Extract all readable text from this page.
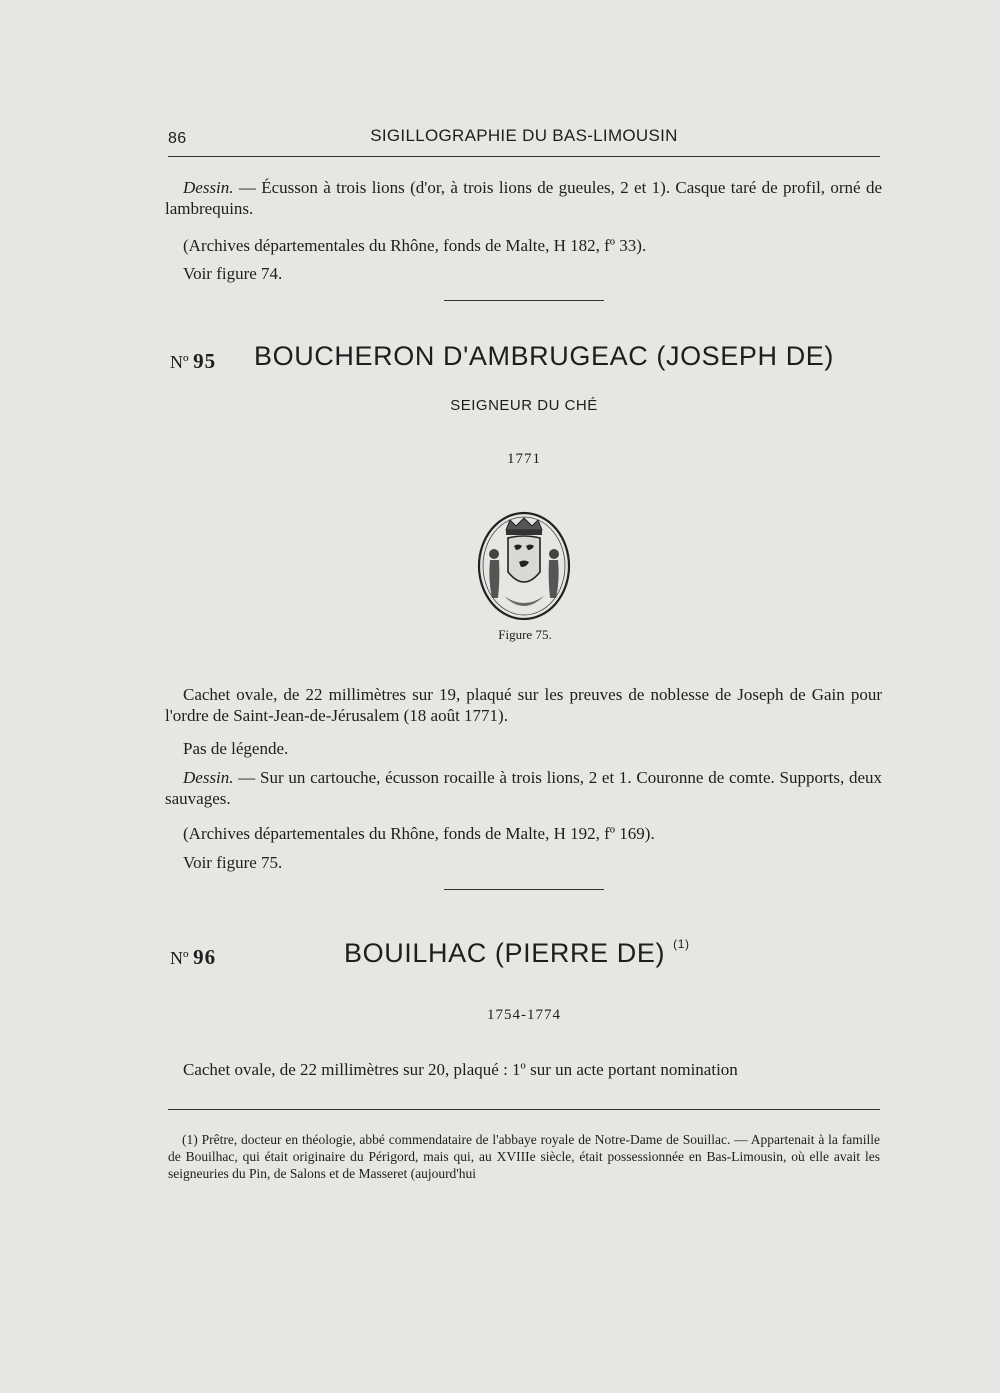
86	SIGILLOGRAPHIE DU BAS-LIMOUSIN

Dessin. — Écusson à trois lions (d'or, à trois lions de gueules, 2 et 1). Casque taré de profil, orné de lambrequins.

(Archives départementales du Rhône, fonds de Malte, H 182, fº 33).

Voir figure 74.

Nº 95 BOUCHERON D'AMBRUGEAC (JOSEPH DE)
SEIGNEUR DU CHÉ
1771
Figure 75.

Cachet ovale, de 22 millimètres sur 19, plaqué sur les preuves de noblesse de Joseph de Gain pour l'ordre de Saint-Jean-de-Jérusalem (18 août 1771).

Pas de légende.

Dessin. — Sur un cartouche, écusson rocaille à trois lions, 2 et 1. Couronne de comte. Supports, deux sauvages.

(Archives départementales du Rhône, fonds de Malte, H 192, fº 169).

Voir figure 75.

Nº 96	BOUILHAC (PIERRE DE) $^{(1)}$
1754-1774

Cachet ovale, de 22 millimètres sur 20, plaqué : 1º sur un acte portant nomination

(1) Prêtre, docteur en théologie, abbé commendataire de l'abbaye royale de Notre-Dame de Souillac. — Appartenait à la famille de Bouilhac, qui était originaire du Périgord, mais qui, au XVIIIe siècle, était possessionnée en Bas-Limousin, où elle avait les seigneuries du Pin, de Salons et de Masseret (aujourd'hui
